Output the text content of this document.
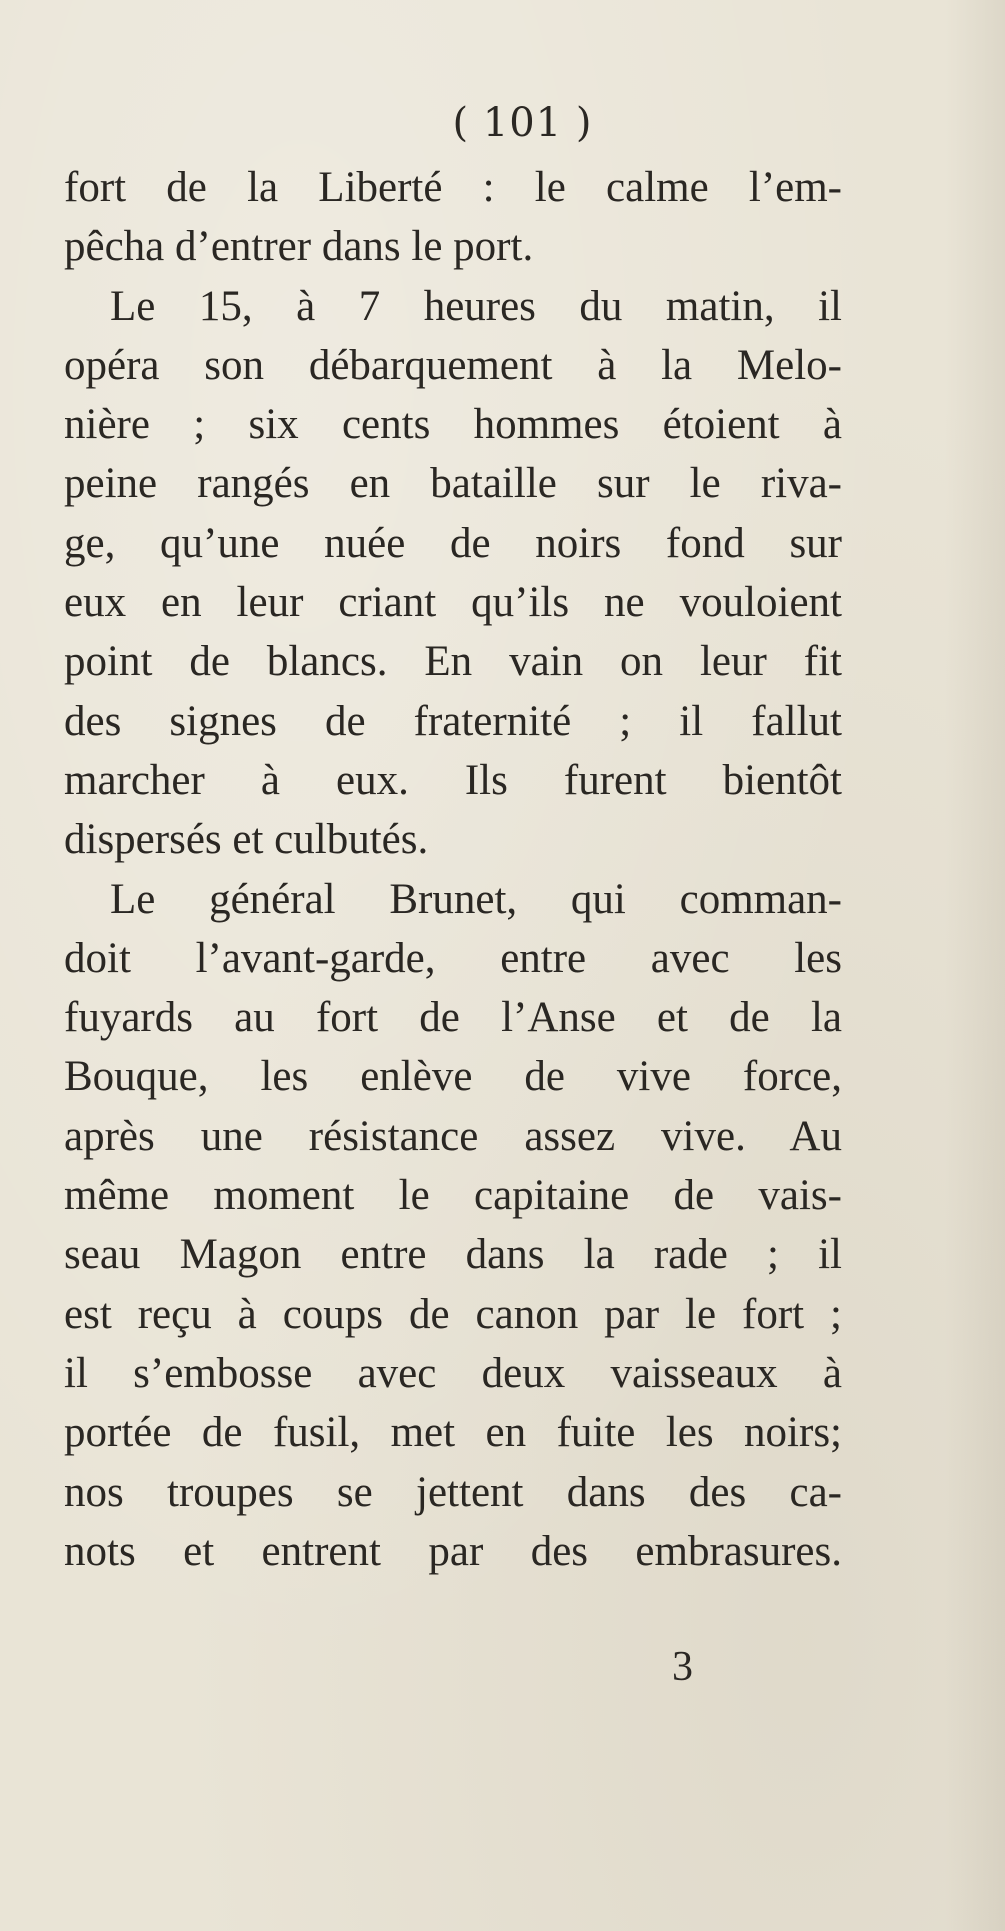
( 101 )
fort de la Liberté : le calme l’em-
pêcha d’entrer dans le port.
Le 15, à 7 heures du matin, il
opéra son débarquement à la Melo-
nière ; six cents hommes étoient à
peine rangés en bataille sur le riva-
ge, qu’une nuée de noirs fond sur
eux en leur criant qu’ils ne vouloient
point de blancs. En vain on leur fit
des signes de fraternité ; il fallut
marcher à eux. Ils furent bientôt
dispersés et culbutés.
Le général Brunet, qui comman-
doit l’avant-garde, entre avec les
fuyards au fort de l’Anse et de la
Bouque, les enlève de vive force,
après une résistance assez vive. Au
même moment le capitaine de vais-
seau Magon entre dans la rade ; il
est reçu à coups de canon par le fort ;
il s’embosse avec deux vaisseaux à
portée de fusil, met en fuite les noirs;
nos troupes se jettent dans des ca-
nots et entrent par des embrasures.
3
